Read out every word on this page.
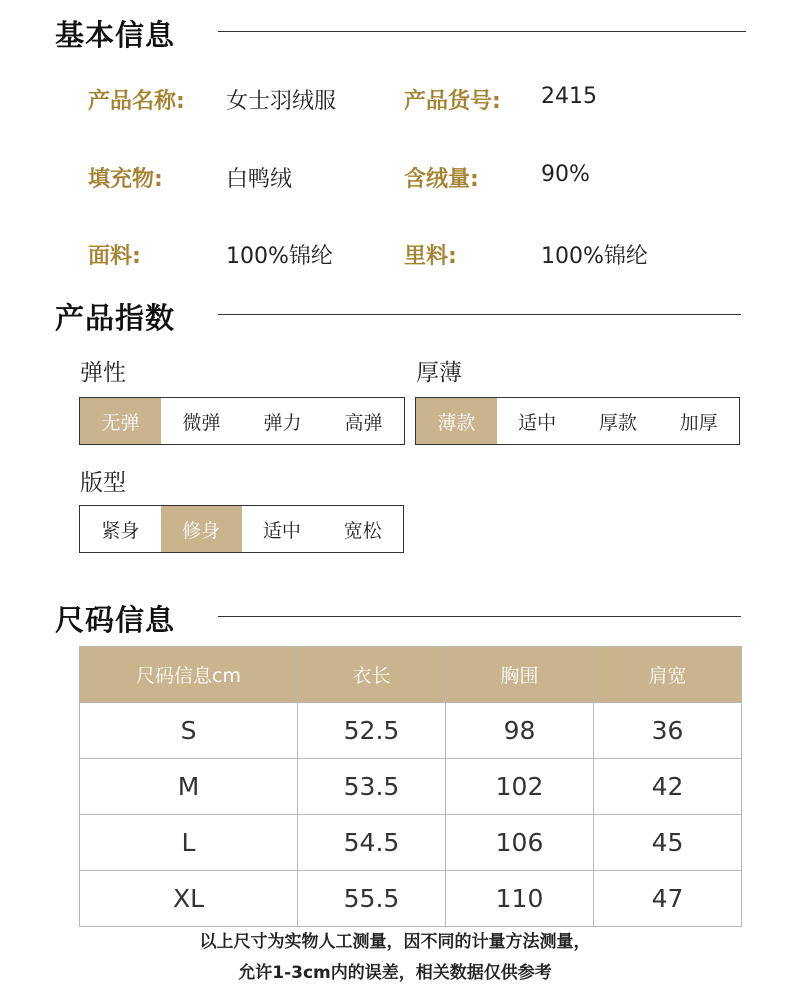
基本信息
产品名称: 女士羽绒服	产品货号: 2415
填充物:	白鸭绒	含绒量:	90%
面料:	100%锦纶	里料:	100%锦纶
产品指数
弹性
无弹	微弹	弹力	高弹
厚薄
薄款	适中	厚款	加厚
版型
紧身	修身	适中	宽松
尺码信息
尺码信息cm	衣长	胸围	肩宽
S	52.5	98	36
M	53.5	102	42
L	54.5	106	45
XL	55.5	110	47
以上尺寸为实物人工测量，因不同的计量方法测量，
允许1-3cm内的误差，相关数据仅供参考
